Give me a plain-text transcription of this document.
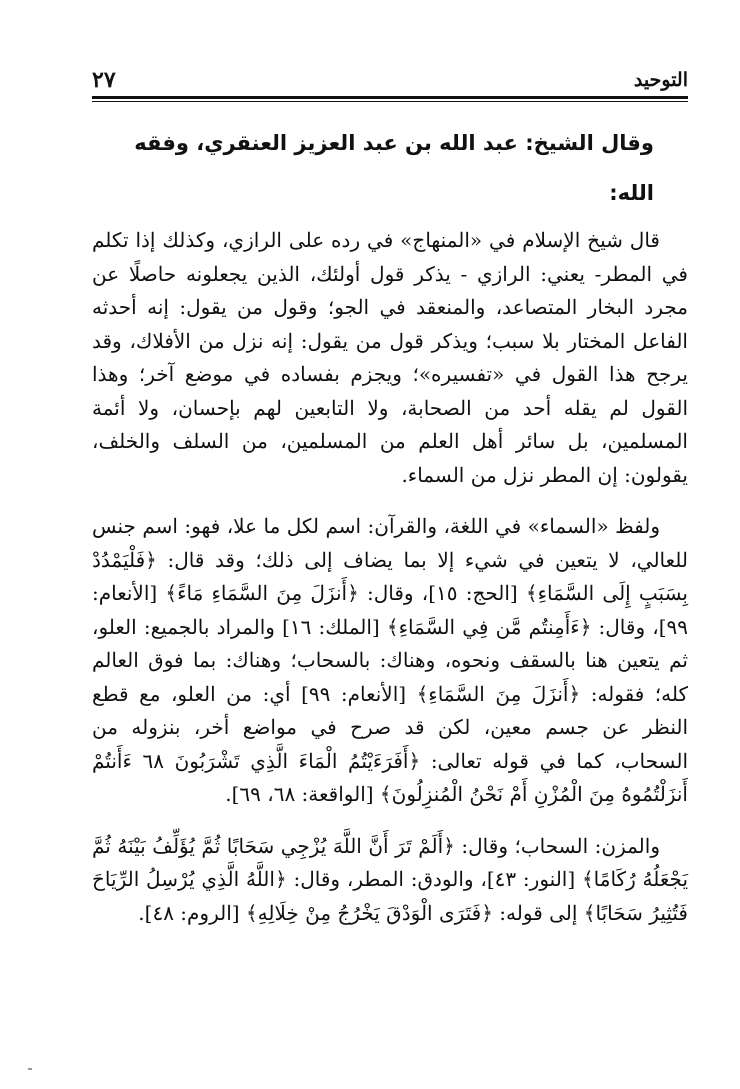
التوحيد
٢٧
وقال الشيخ: عبد الله بن عبد العزيز العنقري، وفقه الله:

قال شيخ الإسلام في «المنهاج» في رده على الرازي، وكذلك إذا تكلم في المطر- يعني: الرازي - يذكر قول أولئك، الذين يجعلونه حاصلًا عن مجرد البخار المتصاعد، والمنعقد في الجو؛ وقول من يقول: إنه أحدثه الفاعل المختار بلا سبب؛ ويذكر قول من يقول: إنه نزل من الأفلاك، وقد يرجح هذا القول في «تفسيره»؛ ويجزم بفساده في موضع آخر؛ وهذا القول لم يقله أحد من الصحابة، ولا التابعين لهم بإحسان، ولا أئمة المسلمين، بل سائر أهل العلم من المسلمين، من السلف والخلف، يقولون: إن المطر نزل من السماء.

ولفظ «السماء» في اللغة، والقرآن: اسم لكل ما علا، فهو: اسم جنس للعالي، لا يتعين في شيء إلا بما يضاف إلى ذلك؛ وقد قال: ﴿فَلْيَمْدُدْ بِسَبَبٍ إِلَى السَّمَاءِ﴾ [الحج: ١٥]، وقال: ﴿أَنزَلَ مِنَ السَّمَاءِ مَاءً﴾ [الأنعام: ٩٩]، وقال: ﴿ءَأَمِنتُم مَّن فِي السَّمَاءِ﴾ [الملك: ١٦] والمراد بالجميع: العلو، ثم يتعين هنا بالسقف ونحوه، وهناك: بالسحاب؛ وهناك: بما فوق العالم كله؛ فقوله: ﴿أَنزَلَ مِنَ السَّمَاءِ﴾ [الأنعام: ٩٩] أي: من العلو، مع قطع النظر عن جسم معين، لكن قد صرح في مواضع أخر، بنزوله من السحاب، كما في قوله تعالى: ﴿أَفَرَءَيْتُمُ الْمَاءَ الَّذِي تَشْرَبُونَ ٦٨ ءَأَنتُمْ أَنزَلْتُمُوهُ مِنَ الْمُزْنِ أَمْ نَحْنُ الْمُنزِلُونَ﴾ [الواقعة: ٦٨، ٦٩].

والمزن: السحاب؛ وقال: ﴿أَلَمْ تَرَ أَنَّ اللَّهَ يُزْجِي سَحَابًا ثُمَّ يُؤَلِّفُ بَيْنَهُ ثُمَّ يَجْعَلُهُ رُكَامًا﴾ [النور: ٤٣]، والودق: المطر، وقال: ﴿اللَّهُ الَّذِي يُرْسِلُ الرِّيَاحَ فَتُثِيرُ سَحَابًا﴾ إلى قوله: ﴿فَتَرَى الْوَدْقَ يَخْرُجُ مِنْ خِلَالِهِ﴾ [الروم: ٤٨].
